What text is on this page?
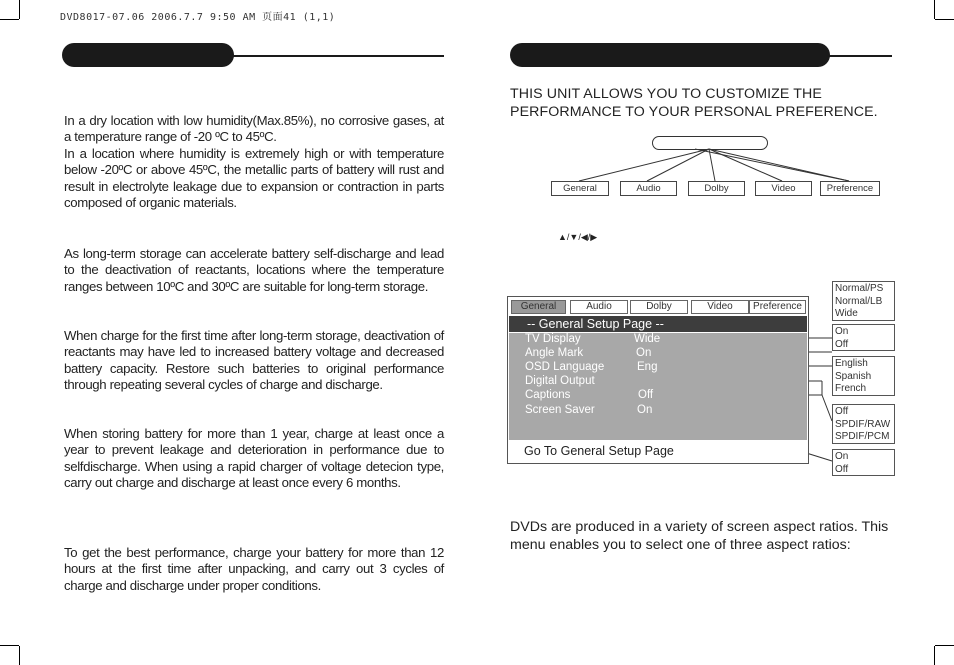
DVD8017-07.06 2006.7.7 9:50 AM 页面41 (1,1)
In a dry location with low humidity(Max.85%), no corrosive gases, at a temperature range of -20 ºC to 45ºC.
In a location where humidity is extremely high or with temperature below -20ºC or above 45ºC, the metallic parts of battery will rust and result in electrolyte leakage due to expansion or contraction in parts composed of organic materials.
As long-term storage can accelerate battery self-discharge and lead to the deactivation of reactants, locations where the temperature ranges between 10ºC and 30ºC are suitable for long-term storage.
When charge for the first time after long-term storage, deactivation of reactants may have led to increased battery voltage and decreased battery capacity. Restore such batteries to original performance through repeating several cycles of charge and discharge.
When storing battery for more than 1 year, charge at least once a year to prevent leakage and deterioration in performance due to selfdischarge. When using a rapid charger of voltage detecion type, carry out charge and discharge at least once every 6 months.
To get the best performance, charge your battery for more than 12 hours at the first time after unpacking, and carry out 3 cycles of charge and discharge under proper conditions.
THIS UNIT ALLOWS YOU TO CUSTOMIZE THE PERFORMANCE TO YOUR PERSONAL PREFERENCE.
General	Audio	Dolby	Video	Preference
▲/▼/◀/▶
General	Audio	Dolby	Video	Preference
-- General Setup Page --
TV Display	Wide
Angle Mark	On
OSD Language	Eng
Digital Output
Captions	Off
Screen Saver	On
Go To General Setup Page
Normal/PS
Normal/LB
Wide
On
Off
English
Spanish
French
Off
SPDIF/RAW
SPDIF/PCM
On
Off
DVDs are produced in a variety of screen aspect ratios. This menu enables you to select one of three aspect ratios:
